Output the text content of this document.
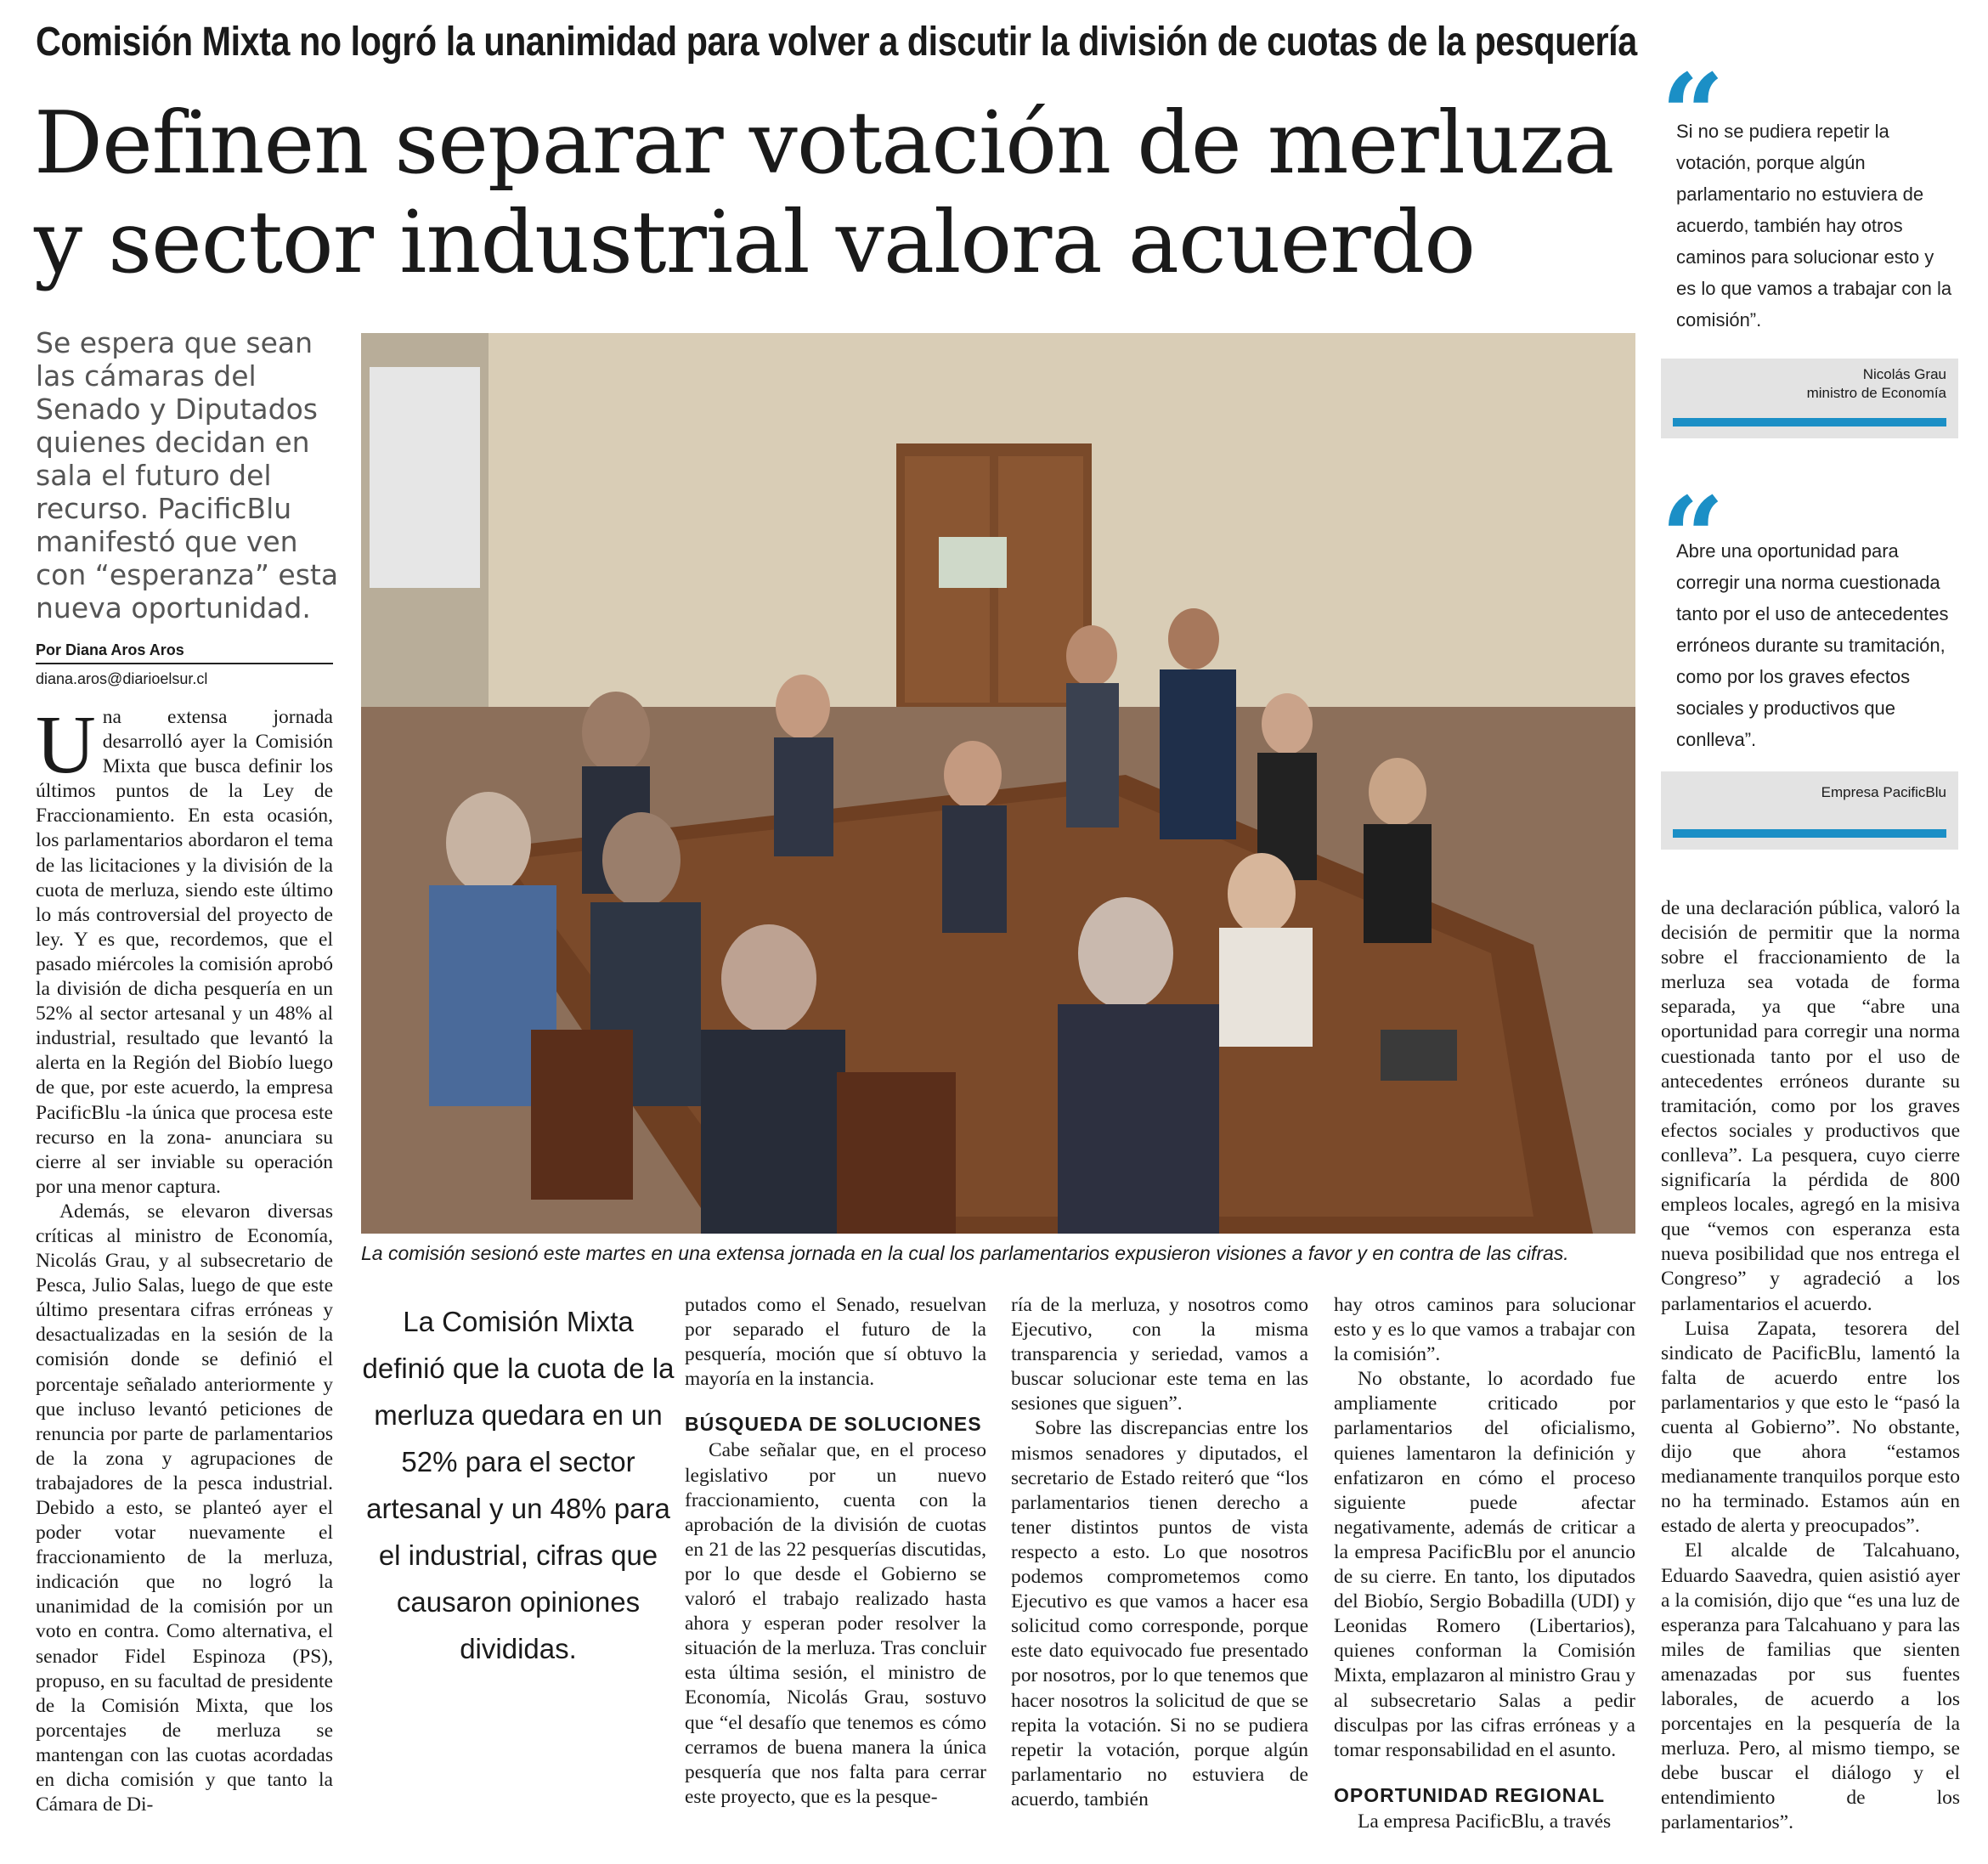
Comisión Mixta no logró la unanimidad para volver a discutir la división de cuotas de la pesquería
Definen separar votación de merluza
y sector industrial valora acuerdo
Se espera que sean las cámaras del Senado y Diputados quienes decidan en sala el futuro del recurso. PacificBlu manifestó que ven con “esperanza” esta nueva oportunidad.
Por Diana Aros Aros
diana.aros@diarioelsur.cl
La comisión sesionó este martes en una extensa jornada en la cual los parlamentarios expusieron visiones a favor y en contra de las cifras.

Una extensa jornada desarrolló ayer la Comisión Mixta que busca definir los últimos puntos de la Ley de Fraccionamiento. En esta ocasión, los parlamentarios abordaron el tema de las licitaciones y la división de la cuota de merluza, siendo este último lo más controversial del proyecto de ley. Y es que, recordemos, que el pasado miércoles la comisión aprobó la división de dicha pesquería en un 52% al sector artesanal y un 48% al industrial, resultado que levantó la alerta en la Región del Biobío luego de que, por este acuerdo, la empresa PacificBlu -la única que procesa este recurso en la zona- anunciara su cierre al ser inviable su operación por una menor captura.

Además, se elevaron diversas críticas al ministro de Economía, Nicolás Grau, y al subsecretario de Pesca, Julio Salas, luego de que este último presentara cifras erróneas y desactualizadas en la sesión de la comisión donde se definió el porcentaje señalado anteriormente y que incluso levantó peticiones de renuncia por parte de parlamentarios de la zona y agrupaciones de trabajadores de la pesca industrial. Debido a esto, se planteó ayer el poder votar nuevamente el fraccionamiento de la merluza, indicación que no logró la unanimidad de la comisión por un voto en contra. Como alternativa, el senador Fidel Espinoza (PS), propuso, en su facultad de presidente de la Comisión Mixta, que los porcentajes de merluza se mantengan con las cuotas acordadas en dicha comisión y que tanto la Cámara de Di-

La Comisión Mixta definió que la cuota de la merluza quedara en un 52% para el sector artesanal y un 48% para el industrial, cifras que causaron opiniones divididas.

putados como el Senado, resuelvan por separado el futuro de la pesquería, moción que sí obtuvo la mayoría en la instancia.

BÚSQUEDA DE SOLUCIONES

Cabe señalar que, en el proceso legislativo por un nuevo fraccionamiento, cuenta con la aprobación de la división de cuotas en 21 de las 22 pesquerías discutidas, por lo que desde el Gobierno se valoró el trabajo realizado hasta ahora y esperan poder resolver la situación de la merluza. Tras concluir esta última sesión, el ministro de Economía, Nicolás Grau, sostuvo que “el desafío que tenemos es cómo cerramos de buena manera la única pesquería que nos falta para cerrar este proyecto, que es la pesque-

ría de la merluza, y nosotros como Ejecutivo, con la misma transparencia y seriedad, vamos a buscar solucionar este tema en las sesiones que siguen”.

Sobre las discrepancias entre los mismos senadores y diputados, el secretario de Estado reiteró que “los parlamentarios tienen derecho a tener distintos puntos de vista respecto a esto. Lo que nosotros podemos comprometemos como Ejecutivo es que vamos a hacer esa solicitud como corresponde, porque este dato equivocado fue presentado por nosotros, por lo que tenemos que hacer nosotros la solicitud de que se repita la votación. Si no se pudiera repetir la votación, porque algún parlamentario no estuviera de acuerdo, también

hay otros caminos para solucionar esto y es lo que vamos a trabajar con la comisión”.

No obstante, lo acordado fue ampliamente criticado por parlamentarios del oficialismo, quienes lamentaron la definición y enfatizaron en cómo el proceso siguiente puede afectar negativamente, además de criticar a la empresa PacificBlu por el anuncio de su cierre. En tanto, los diputados del Biobío, Sergio Bobadilla (UDI) y Leonidas Romero (Libertarios), quienes conforman la Comisión Mixta, emplazaron al ministro Grau y al subsecretario Salas a pedir disculpas por las cifras erróneas y a tomar responsabilidad en el asunto.

OPORTUNIDAD REGIONAL

La empresa PacificBlu, a través

“
Si no se pudiera repetir la votación, porque algún parlamentario no estuviera de acuerdo, también hay otros caminos para solucionar esto y es lo que vamos a trabajar con la comisión”.
Nicolás Grau
ministro de Economía
“
Abre una oportunidad para corregir una norma cuestionada tanto por el uso de antecedentes erróneos durante su tramitación, como por los graves efectos sociales y productivos que conlleva”.
Empresa PacificBlu

de una declaración pública, valoró la decisión de permitir que la norma sobre el fraccionamiento de la merluza sea votada de forma separada, ya que “abre una oportunidad para corregir una norma cuestionada tanto por el uso de antecedentes erróneos durante su tramitación, como por los graves efectos sociales y productivos que conlleva”. La pesquera, cuyo cierre significaría la pérdida de 800 empleos locales, agregó en la misiva que “vemos con esperanza esta nueva posibilidad que nos entrega el Congreso” y agradeció a los parlamentarios el acuerdo.

Luisa Zapata, tesorera del sindicato de PacificBlu, lamentó la falta de acuerdo entre los parlamentarios y que esto le “pasó la cuenta al Gobierno”. No obstante, dijo que ahora “estamos medianamente tranquilos porque esto no ha terminado. Estamos aún en estado de alerta y preocupados”.

El alcalde de Talcahuano, Eduardo Saavedra, quien asistió ayer a la comisión, dijo que “es una luz de esperanza para Talcahuano y para las miles de familias que sienten amenazadas por sus fuentes laborales, de acuerdo a los porcentajes en la pesquería de la merluza. Pero, al mismo tiempo, se debe buscar el diálogo y el entendimiento de los parlamentarios”.
